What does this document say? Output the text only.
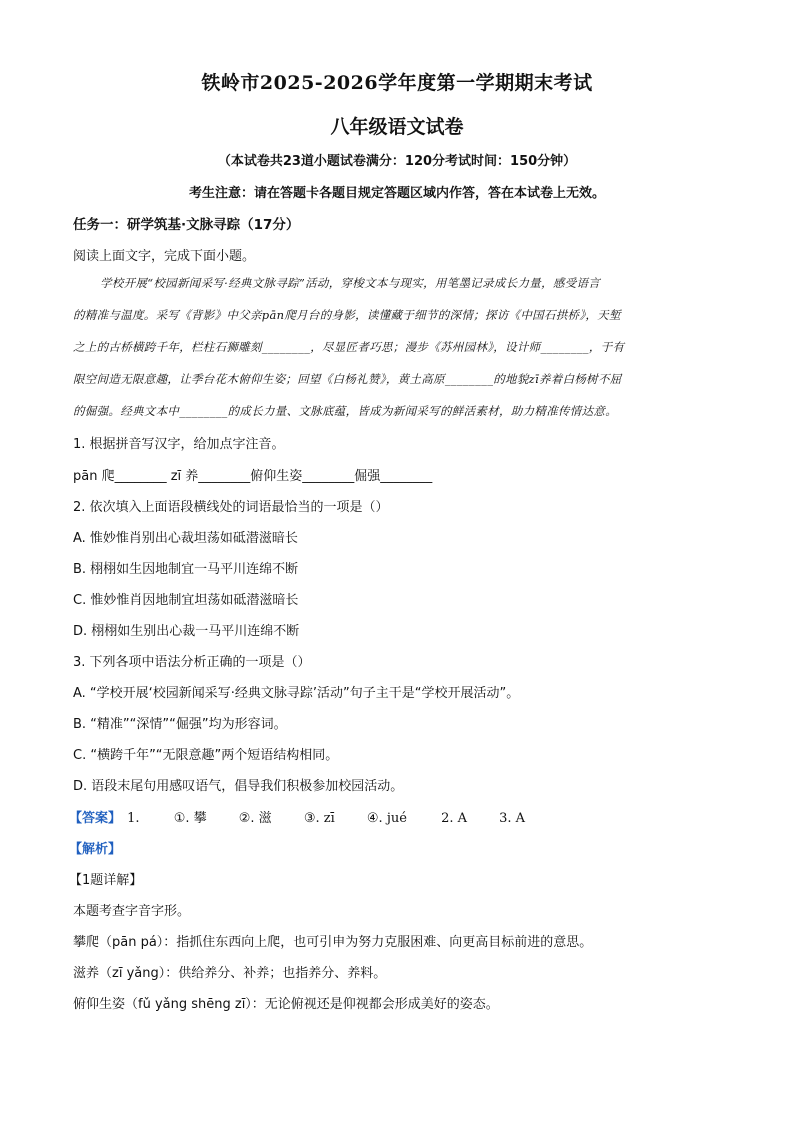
铁岭市2025-2026学年度第一学期期末考试
八年级语文试卷
（本试卷共23道小题试卷满分：120分考试时间：150分钟）
考生注意：请在答题卡各题目规定答题区域内作答，答在本试卷上无效。
任务一：研学筑基·文脉寻踪（17分）
阅读上面文字，完成下面小题。
学校开展“校园新闻采写·经典文脉寻踪”活动，穿梭文本与现实，用笔墨记录成长力量，感受语言
的精准与温度。采写《背影》中父亲pān爬月台的身影，读懂藏于细节的深情；探访《中国石拱桥》，天堑
之上的古桥横跨千年，栏柱石狮雕刻________，尽显匠者巧思；漫步《苏州园林》，设计师________，于有
限空间造无限意趣，让季台花木俯仰生姿；回望《白杨礼赞》，黄土高原________的地貌zī养着白杨树不屈
的倔强。经典文本中________的成长力量、文脉底蕴，皆成为新闻采写的鲜活素材，助力精准传情达意。
1. 根据拼音写汉字，给加点字注音。
pān 爬________ zī 养________俯仰生姿________倔强________
2. 依次填入上面语段横线处的词语最恰当的一项是（）
A. 惟妙惟肖别出心裁坦荡如砥潜滋暗长
B. 栩栩如生因地制宜一马平川连绵不断
C. 惟妙惟肖因地制宜坦荡如砥潜滋暗长
D. 栩栩如生别出心裁一马平川连绵不断
3. 下列各项中语法分析正确的一项是（）
A. “学校开展‘校园新闻采写·经典文脉寻踪’活动”句子主干是“学校开展活动”。
B. “精准”“深情”“倔强”均为形容词。
C. “横跨千年”“无限意趣”两个短语结构相同。
D. 语段末尾句用感叹语气，倡导我们积极参加校园活动。
【答案】 1.	①. 攀 ②. 滋 ③. zī ④. jué	2. A 3. A
【解析】
【1题详解】
本题考查字音字形。
攀爬（pān pá）：指抓住东西向上爬，也可引申为努力克服困难、向更高目标前进的意思。
滋养（zī yǎng）：供给养分、补养；也指养分、养料。
俯仰生姿（fǔ yǎng shēng zī）：无论俯视还是仰视都会形成美好的姿态。
